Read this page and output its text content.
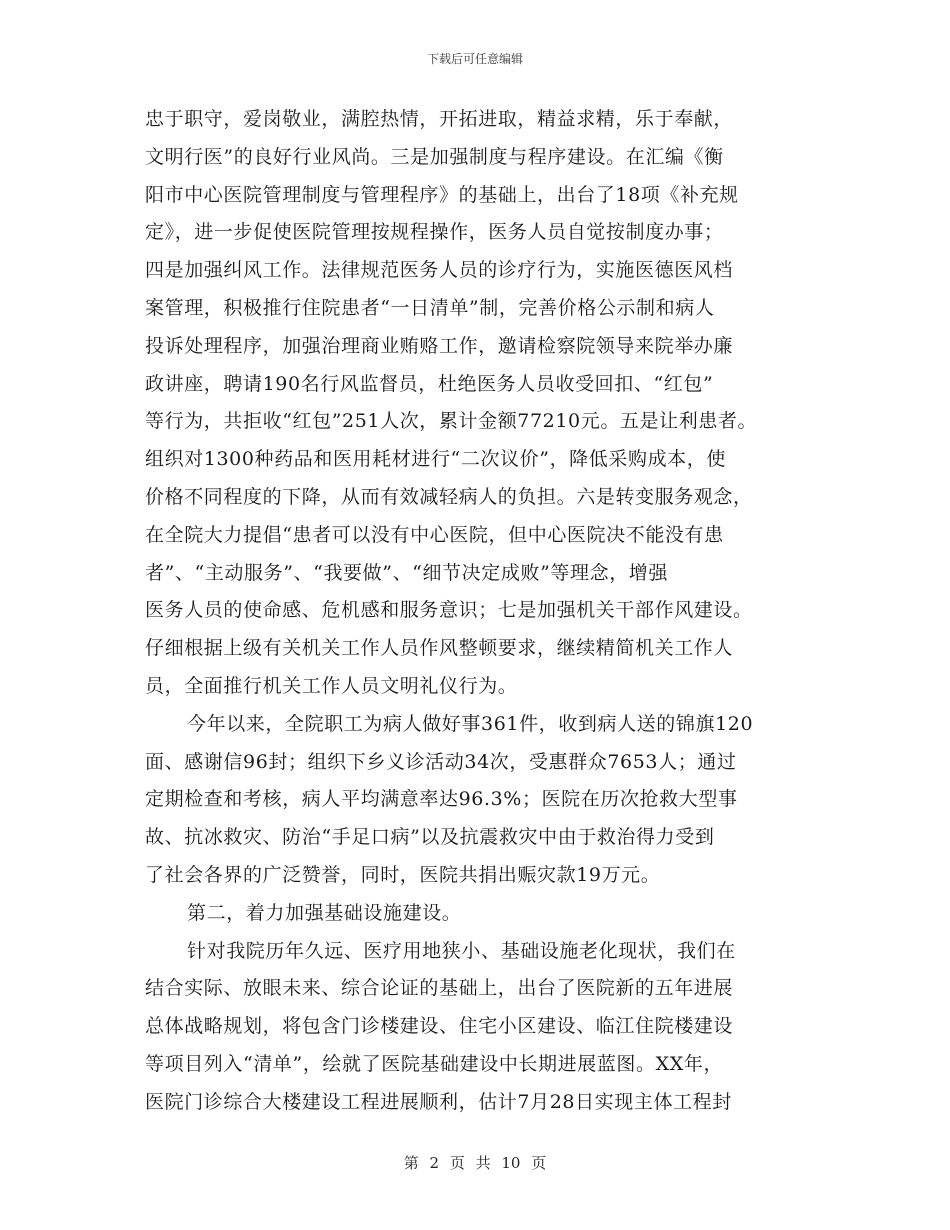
下载后可任意编辑
忠于职守，爱岗敬业，满腔热情，开拓进取，精益求精，乐于奉献，
文明行医”的良好行业风尚。三是加强制度与程序建设。在汇编《衡
阳市中心医院管理制度与管理程序》的基础上，出台了18项《补充规
定》，进一步促使医院管理按规程操作，医务人员自觉按制度办事；
四是加强纠风工作。法律规范医务人员的诊疗行为，实施医德医风档
案管理，积极推行住院患者“一日清单”制，完善价格公示制和病人
投诉处理程序，加强治理商业贿赂工作，邀请检察院领导来院举办廉
政讲座，聘请190名行风监督员，杜绝医务人员收受回扣、“红包”
等行为，共拒收“红包”251人次，累计金额77210元。五是让利患者。
组织对1300种药品和医用耗材进行“二次议价”，降低采购成本，使
价格不同程度的下降，从而有效减轻病人的负担。六是转变服务观念，
在全院大力提倡“患者可以没有中心医院，但中心医院决不能没有患
者”、“主动服务”、“我要做”、“细节决定成败”等理念，增强
医务人员的使命感、危机感和服务意识；七是加强机关干部作风建设。
仔细根据上级有关机关工作人员作风整顿要求，继续精简机关工作人
员，全面推行机关工作人员文明礼仪行为。
今年以来，全院职工为病人做好事361件，收到病人送的锦旗120
面、感谢信96封；组织下乡义诊活动34次，受惠群众7653人；通过
定期检查和考核，病人平均满意率达96.3%；医院在历次抢救大型事
故、抗冰救灾、防治“手足口病”以及抗震救灾中由于救治得力受到
了社会各界的广泛赞誉，同时，医院共捐出赈灾款19万元。
第二，着力加强基础设施建设。
针对我院历年久远、医疗用地狭小、基础设施老化现状，我们在
结合实际、放眼未来、综合论证的基础上，出台了医院新的五年进展
总体战略规划，将包含门诊楼建设、住宅小区建设、临江住院楼建设
等项目列入“清单”，绘就了医院基础建设中长期进展蓝图。XX年，
医院门诊综合大楼建设工程进展顺利，估计7月28日实现主体工程封
第 2 页 共 10 页
